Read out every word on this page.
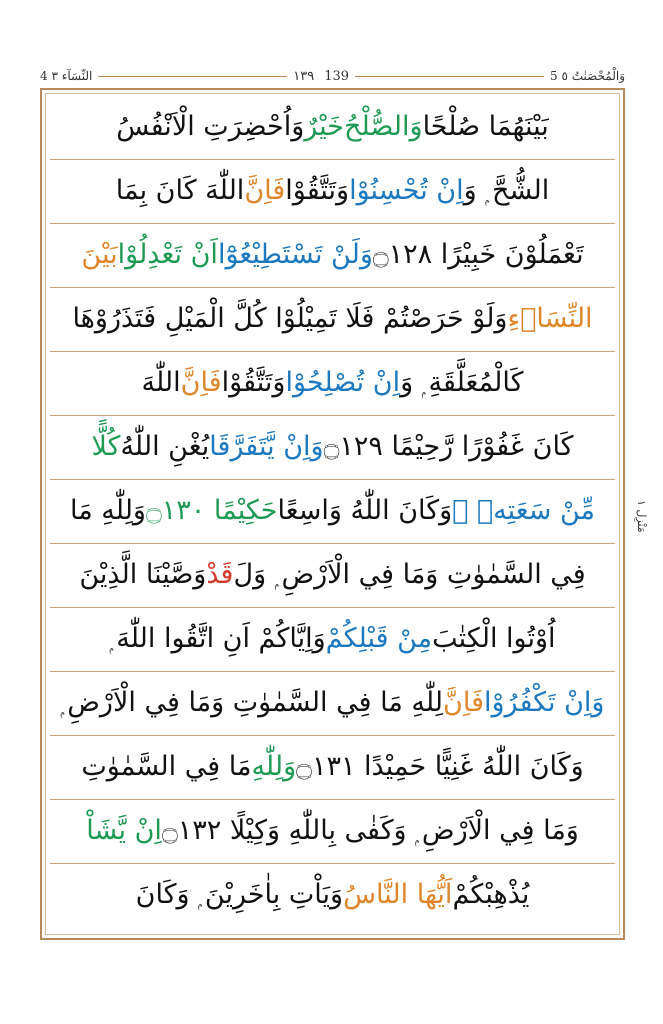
4 النِّسَآء ٣	١٣٩ 139	5 وَالْمُحْصَنٰتُ ٥
بَيْنَهُمَا صُلْحًا
وَالصُّلْحُ
خَيْرٌ
وَاُحْضِرَتِ الْاَنْفُسُ
الشُّحَّ ۭ وَ
اِنْ تُحْسِنُوْا
وَتَتَّقُوْا
فَاِنَّ
اللّٰهَ كَانَ بِمَا
تَعْمَلُوْنَ خَبِيْرًا ۝١٢٨
وَلَنْ تَسْتَطِيْعُوْٓا
اَنْ تَعْدِلُوْا
بَيْنَ
النِّسَاۗءِ
وَلَوْ حَرَصْتُمْ فَلَا تَمِيْلُوْا كُلَّ الْمَيْلِ فَتَذَرُوْهَا
كَالْمُعَلَّقَةِ ۭ وَ
اِنْ تُصْلِحُوْا
وَتَتَّقُوْا
فَاِنَّ
اللّٰهَ
كَانَ غَفُوْرًا رَّحِيْمًا ۝١٢٩
وَاِنْ يَّتَفَرَّقَا
يُغْنِ اللّٰهُ
كُلًّا
مِّنْ سَعَتِهٖ ۭ
وَكَانَ اللّٰهُ وَاسِعًا
حَكِيْمًا ۝١٣٠
وَلِلّٰهِ مَا
فِي السَّمٰوٰتِ وَمَا فِي الْاَرْضِ ۭ وَلَ
قَدْ
وَصَّيْنَا الَّذِيْنَ
اُوْتُوا الْكِتٰبَ
مِنْ قَبْلِكُمْ
وَاِيَّاكُمْ اَنِ اتَّقُوا اللّٰهَ ۭ
وَاِنْ تَكْفُرُوْا
فَاِنَّ
لِلّٰهِ مَا فِي السَّمٰوٰتِ وَمَا فِي الْاَرْضِ ۭ
وَكَانَ اللّٰهُ غَنِيًّا حَمِيْدًا ۝١٣١
وَلِلّٰهِ
مَا فِي السَّمٰوٰتِ
وَمَا فِي الْاَرْضِ ۭ وَكَفٰى بِاللّٰهِ وَكِيْلًا ۝١٣٢
اِنْ يَّشَاْ
يُذْهِبْكُمْ
اَيُّهَا النَّاسُ
وَيَاْتِ بِاٰخَرِيْنَ ۭ وَكَانَ
مَنْزِل ١
